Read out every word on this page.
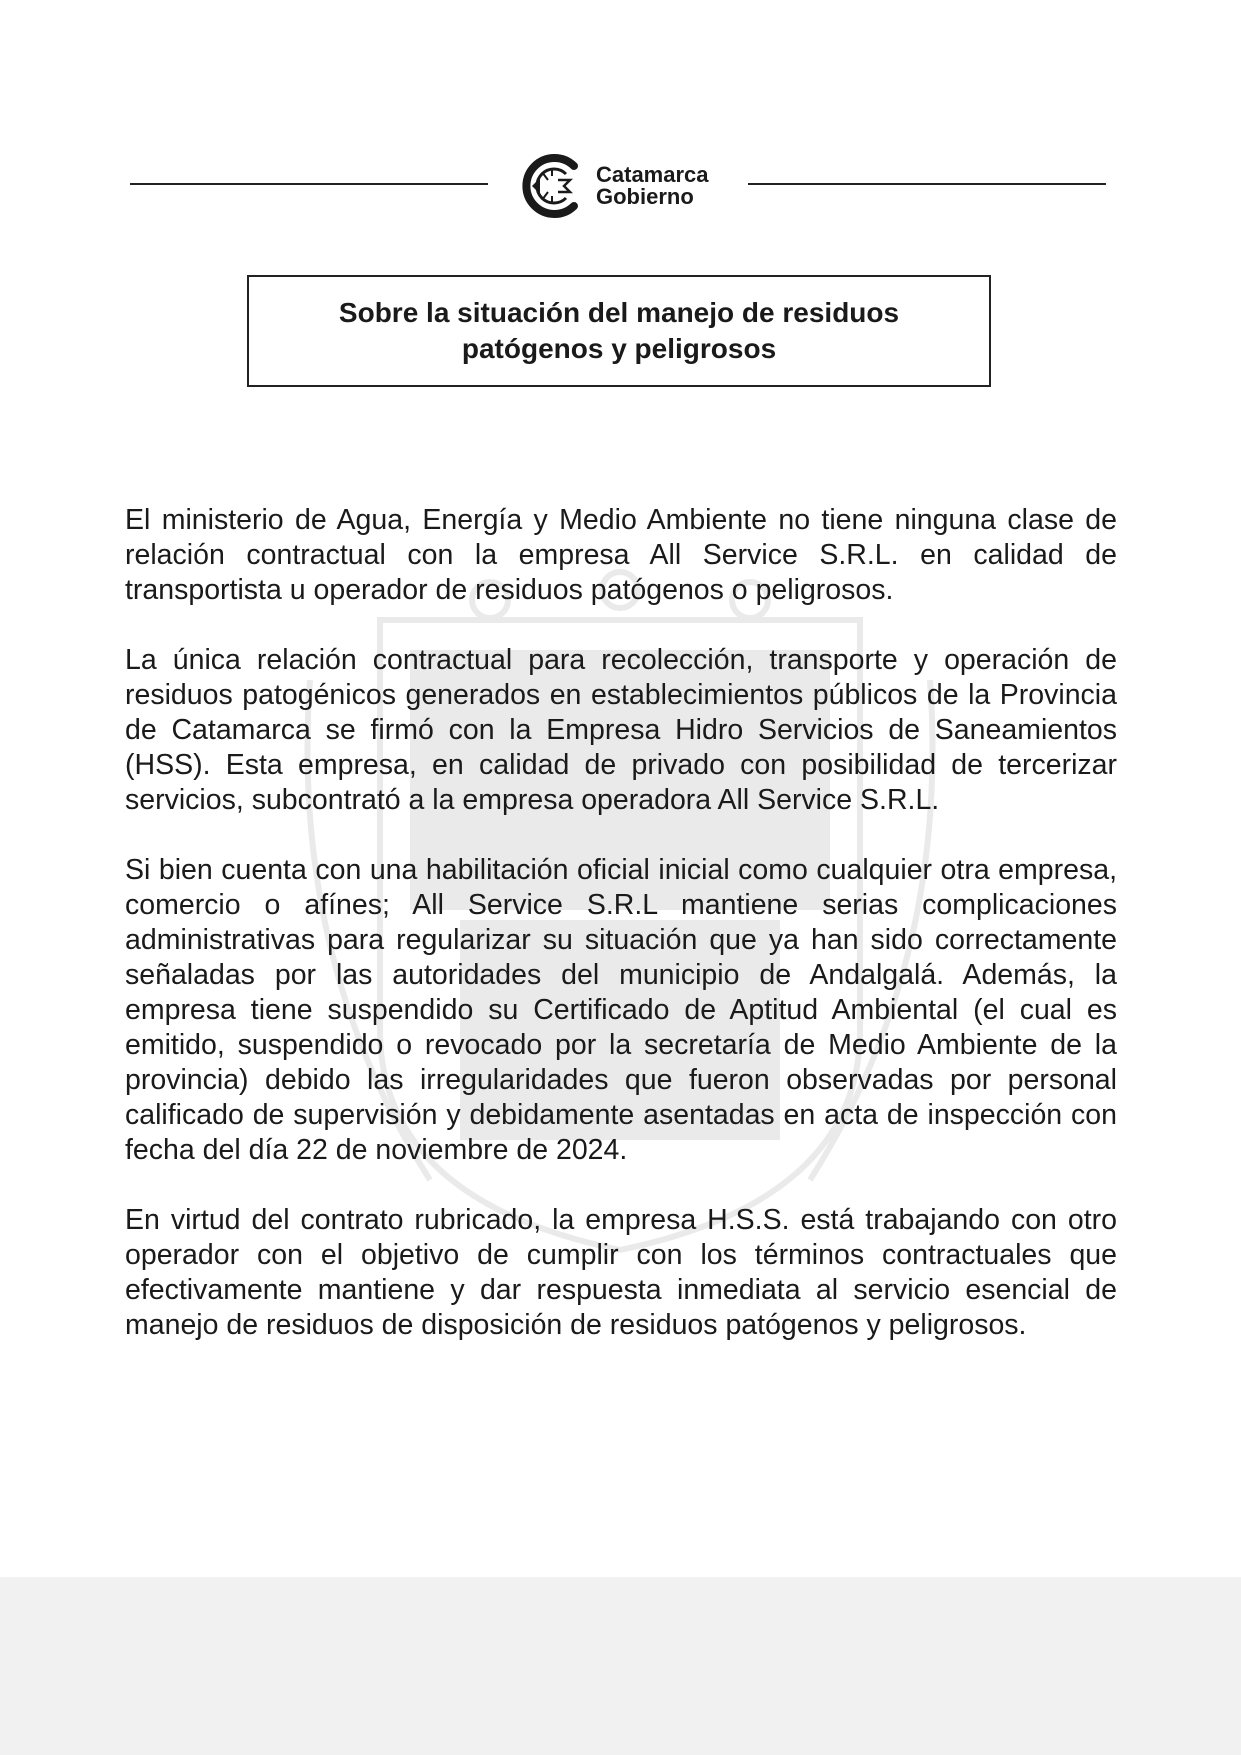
Catamarca
Gobierno
Sobre la situación del manejo de residuos patógenos y peligrosos

El ministerio de Agua, Energía y Medio Ambiente no tiene ninguna clase de relación contractual con la empresa All Service S.R.L. en calidad de transportista u operador de residuos patógenos o peligrosos.

La única relación contractual para recolección, transporte y operación de residuos patogénicos generados en establecimientos públicos de la Provincia de Catamarca se firmó con la Empresa Hidro Servicios de Saneamientos (HSS). Esta empresa, en calidad de privado con posibilidad de tercerizar servicios, subcontrató a la empresa operadora All Service S.R.L.

Si bien cuenta con una habilitación oficial inicial como cualquier otra empresa, comercio o afínes; All Service S.R.L mantiene serias complicaciones administrativas para regularizar su situación que ya han sido correctamente señaladas por las autoridades del municipio de Andalgalá. Además, la empresa tiene suspendido su Certificado de Aptitud Ambiental (el cual es emitido, suspendido o revocado por la secretaría de Medio Ambiente de la provincia) debido las irregularidades que fueron observadas por personal calificado de supervisión y debidamente asentadas en acta de inspección con fecha del día 22 de noviembre de 2024.

En virtud del contrato rubricado, la empresa H.S.S. está trabajando con otro operador con el objetivo de cumplir con los términos contractuales que efectivamente mantiene y dar respuesta inmediata al servicio esencial de manejo de residuos de disposición de residuos patógenos y peligrosos.
